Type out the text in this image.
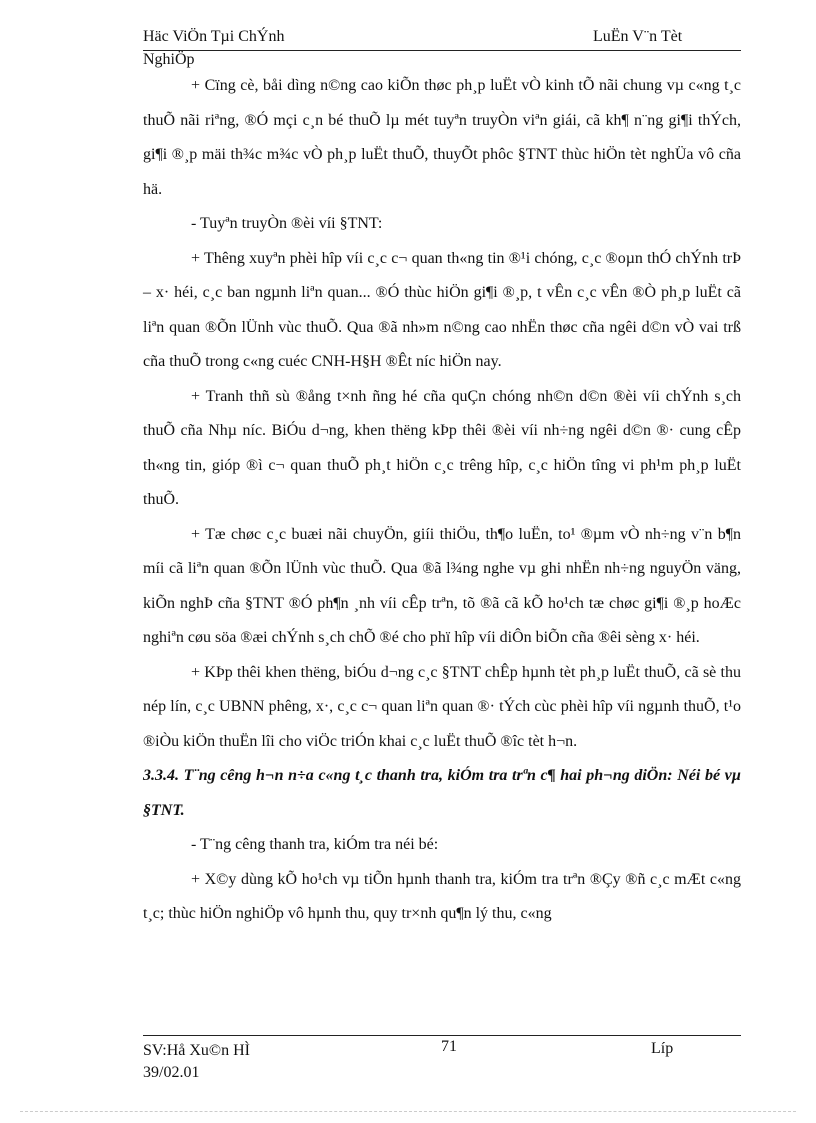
Häc ViÖn Tµi ChÝnh	LuËn V¨n Tèt
NghiÖp

+ Cïng cè, båi dìng n©ng cao kiÕn thøc ph¸p luËt vÒ kinh tÕ nãi chung vµ c«ng t¸c thuÕ nãi riªng, ®Ó mçi c¸n bé thuÕ lµ mét tuyªn truyÒn viªn giái, cã kh¶ n¨ng gi¶i thÝch, gi¶i ®¸p mäi th¾c m¾c vÒ ph¸p luËt thuÕ, thuyÕt phôc §TNT thùc hiÖn tèt nghÜa vô cña hä.

- Tuyªn truyÒn ®èi víi §TNT:

+ Thêng xuyªn phèi hîp víi c¸c c¬ quan th«ng tin ®¹i chóng, c¸c ®oµn thÓ chÝnh trÞ – x· héi, c¸c ban ngµnh liªn quan... ®Ó thùc hiÖn gi¶i ®¸p, t vÊn c¸c vÊn ®Ò ph¸p luËt cã liªn quan ®Õn lÜnh vùc thuÕ. Qua ®ã nh»m n©ng cao nhËn thøc cña ngêi d©n vÒ vai trß cña thuÕ trong c«ng cuéc CNH-H§H ®Êt níc hiÖn nay.

+ Tranh thñ sù ®ång t×nh ñng hé cña quÇn chóng nh©n d©n ®èi víi chÝnh s¸ch thuÕ cña Nhµ níc. BiÓu d¬ng, khen thëng kÞp thêi ®èi víi nh÷ng ngêi d©n ®· cung cÊp th«ng tin, gióp ®ì c¬ quan thuÕ ph¸t hiÖn c¸c trêng hîp, c¸c hiÖn tîng vi ph¹m ph¸p luËt thuÕ.

+ Tæ chøc c¸c buæi nãi chuyÖn, giíi thiÖu, th¶o luËn, to¹ ®µm vÒ nh÷ng v¨n b¶n míi cã liªn quan ®Õn lÜnh vùc thuÕ. Qua ®ã l¾ng nghe vµ ghi nhËn nh÷ng nguyÖn väng, kiÕn nghÞ cña §TNT ®Ó ph¶n ¸nh víi cÊp trªn, tõ ®ã cã kÕ ho¹ch tæ chøc gi¶i ®¸p hoÆc nghiªn cøu söa ®æi chÝnh s¸ch chÕ ®é cho phï hîp víi diÔn biÕn cña ®êi sèng x· héi.

+ KÞp thêi khen thëng, biÓu d¬ng c¸c §TNT chÊp hµnh tèt ph¸p luËt thuÕ, cã sè thu nép lín, c¸c UBNN phêng, x·, c¸c c¬ quan liªn quan ®· tÝch cùc phèi hîp víi ngµnh thuÕ, t¹o ®iÒu kiÖn thuËn lîi cho viÖc triÓn khai c¸c luËt thuÕ ®îc tèt h¬n.

3.3.4. T¨ng cêng h¬n n÷a c«ng t¸c thanh tra, kiÓm tra trªn c¶ hai ph¬ng diÖn: Néi bé vµ §TNT.

- T¨ng cêng thanh tra, kiÓm tra néi bé:

+ X©y dùng kÕ ho¹ch vµ tiÕn hµnh thanh tra, kiÓm tra trªn ®Çy ®ñ c¸c mÆt c«ng t¸c; thùc hiÖn nghiÖp vô hµnh thu, quy tr×nh qu¶n lý thu, c«ng

SV:Hå Xu©n HÌ
39/02.01
71	Líp
